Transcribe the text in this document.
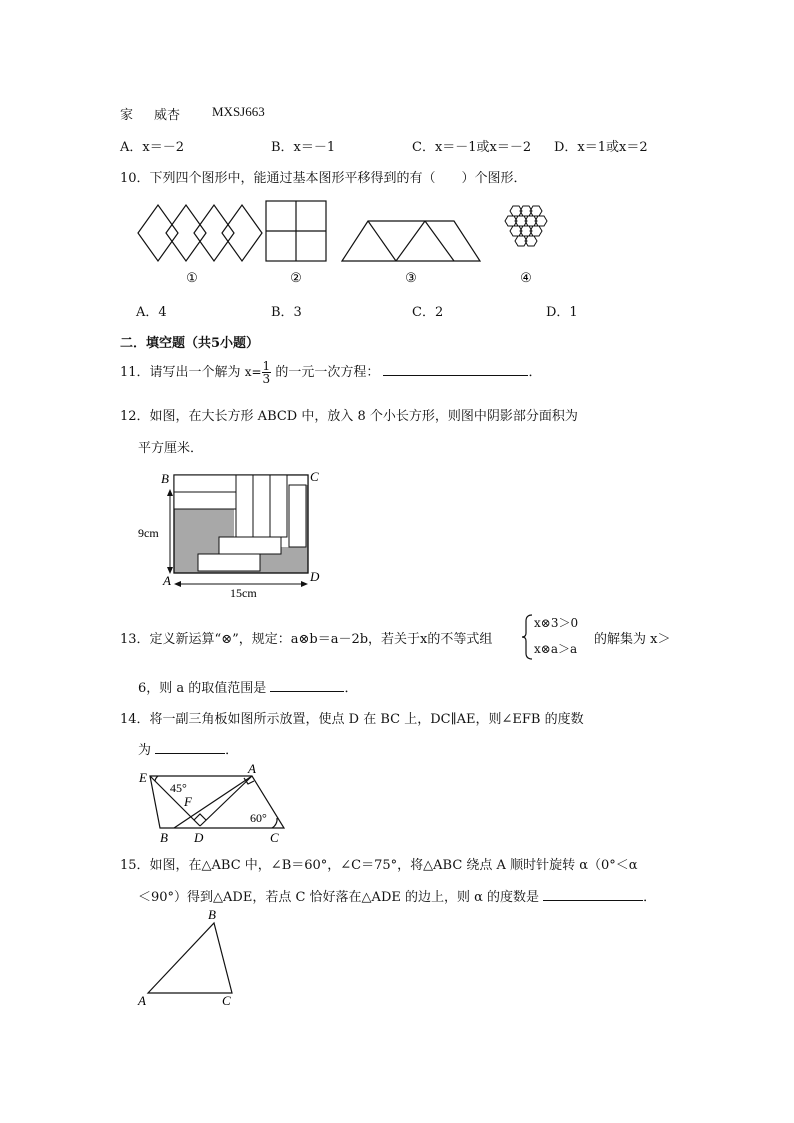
家 威杏 MXSJ663
A．x＝－2	B．x＝－1	C．x＝－1或x＝－2 D．x＝1或x＝2
10．下列四个图形中，能通过基本图形平移得到的有（　　）个图形．
①	②	③	④
A．4	B．3	C．2	D．1
二．填空题（共5小题）
11．请写出一个解为 $x= \frac{1}{3}$ 的一元一次方程：	．
12．如图，在大长方形 ABCD 中，放入 8 个小长方形，则图中阴影部分面积为
平方厘米．
B	C
A	D
9cm
15cm
13．定义新运算“⊗”，规定：a⊗b＝a－2b，若关于x的不等式组
x⊗3＞0
x⊗a＞a
的解集为 x＞
6，则 a 的取值范围是	．
14．将一副三角板如图所示放置，使点 D 在 BC 上，DC∥AE，则∠EFB 的度数
为	．
E
A
F
B D	C
45°
60°
15．如图，在△ABC 中，∠B＝60°，∠C＝75°，将△ABC 绕点 A 顺时针旋转 α（0°＜α
＜90°）得到△ADE，若点 C 恰好落在△ADE 的边上，则 α 的度数是	．
B
A	C
